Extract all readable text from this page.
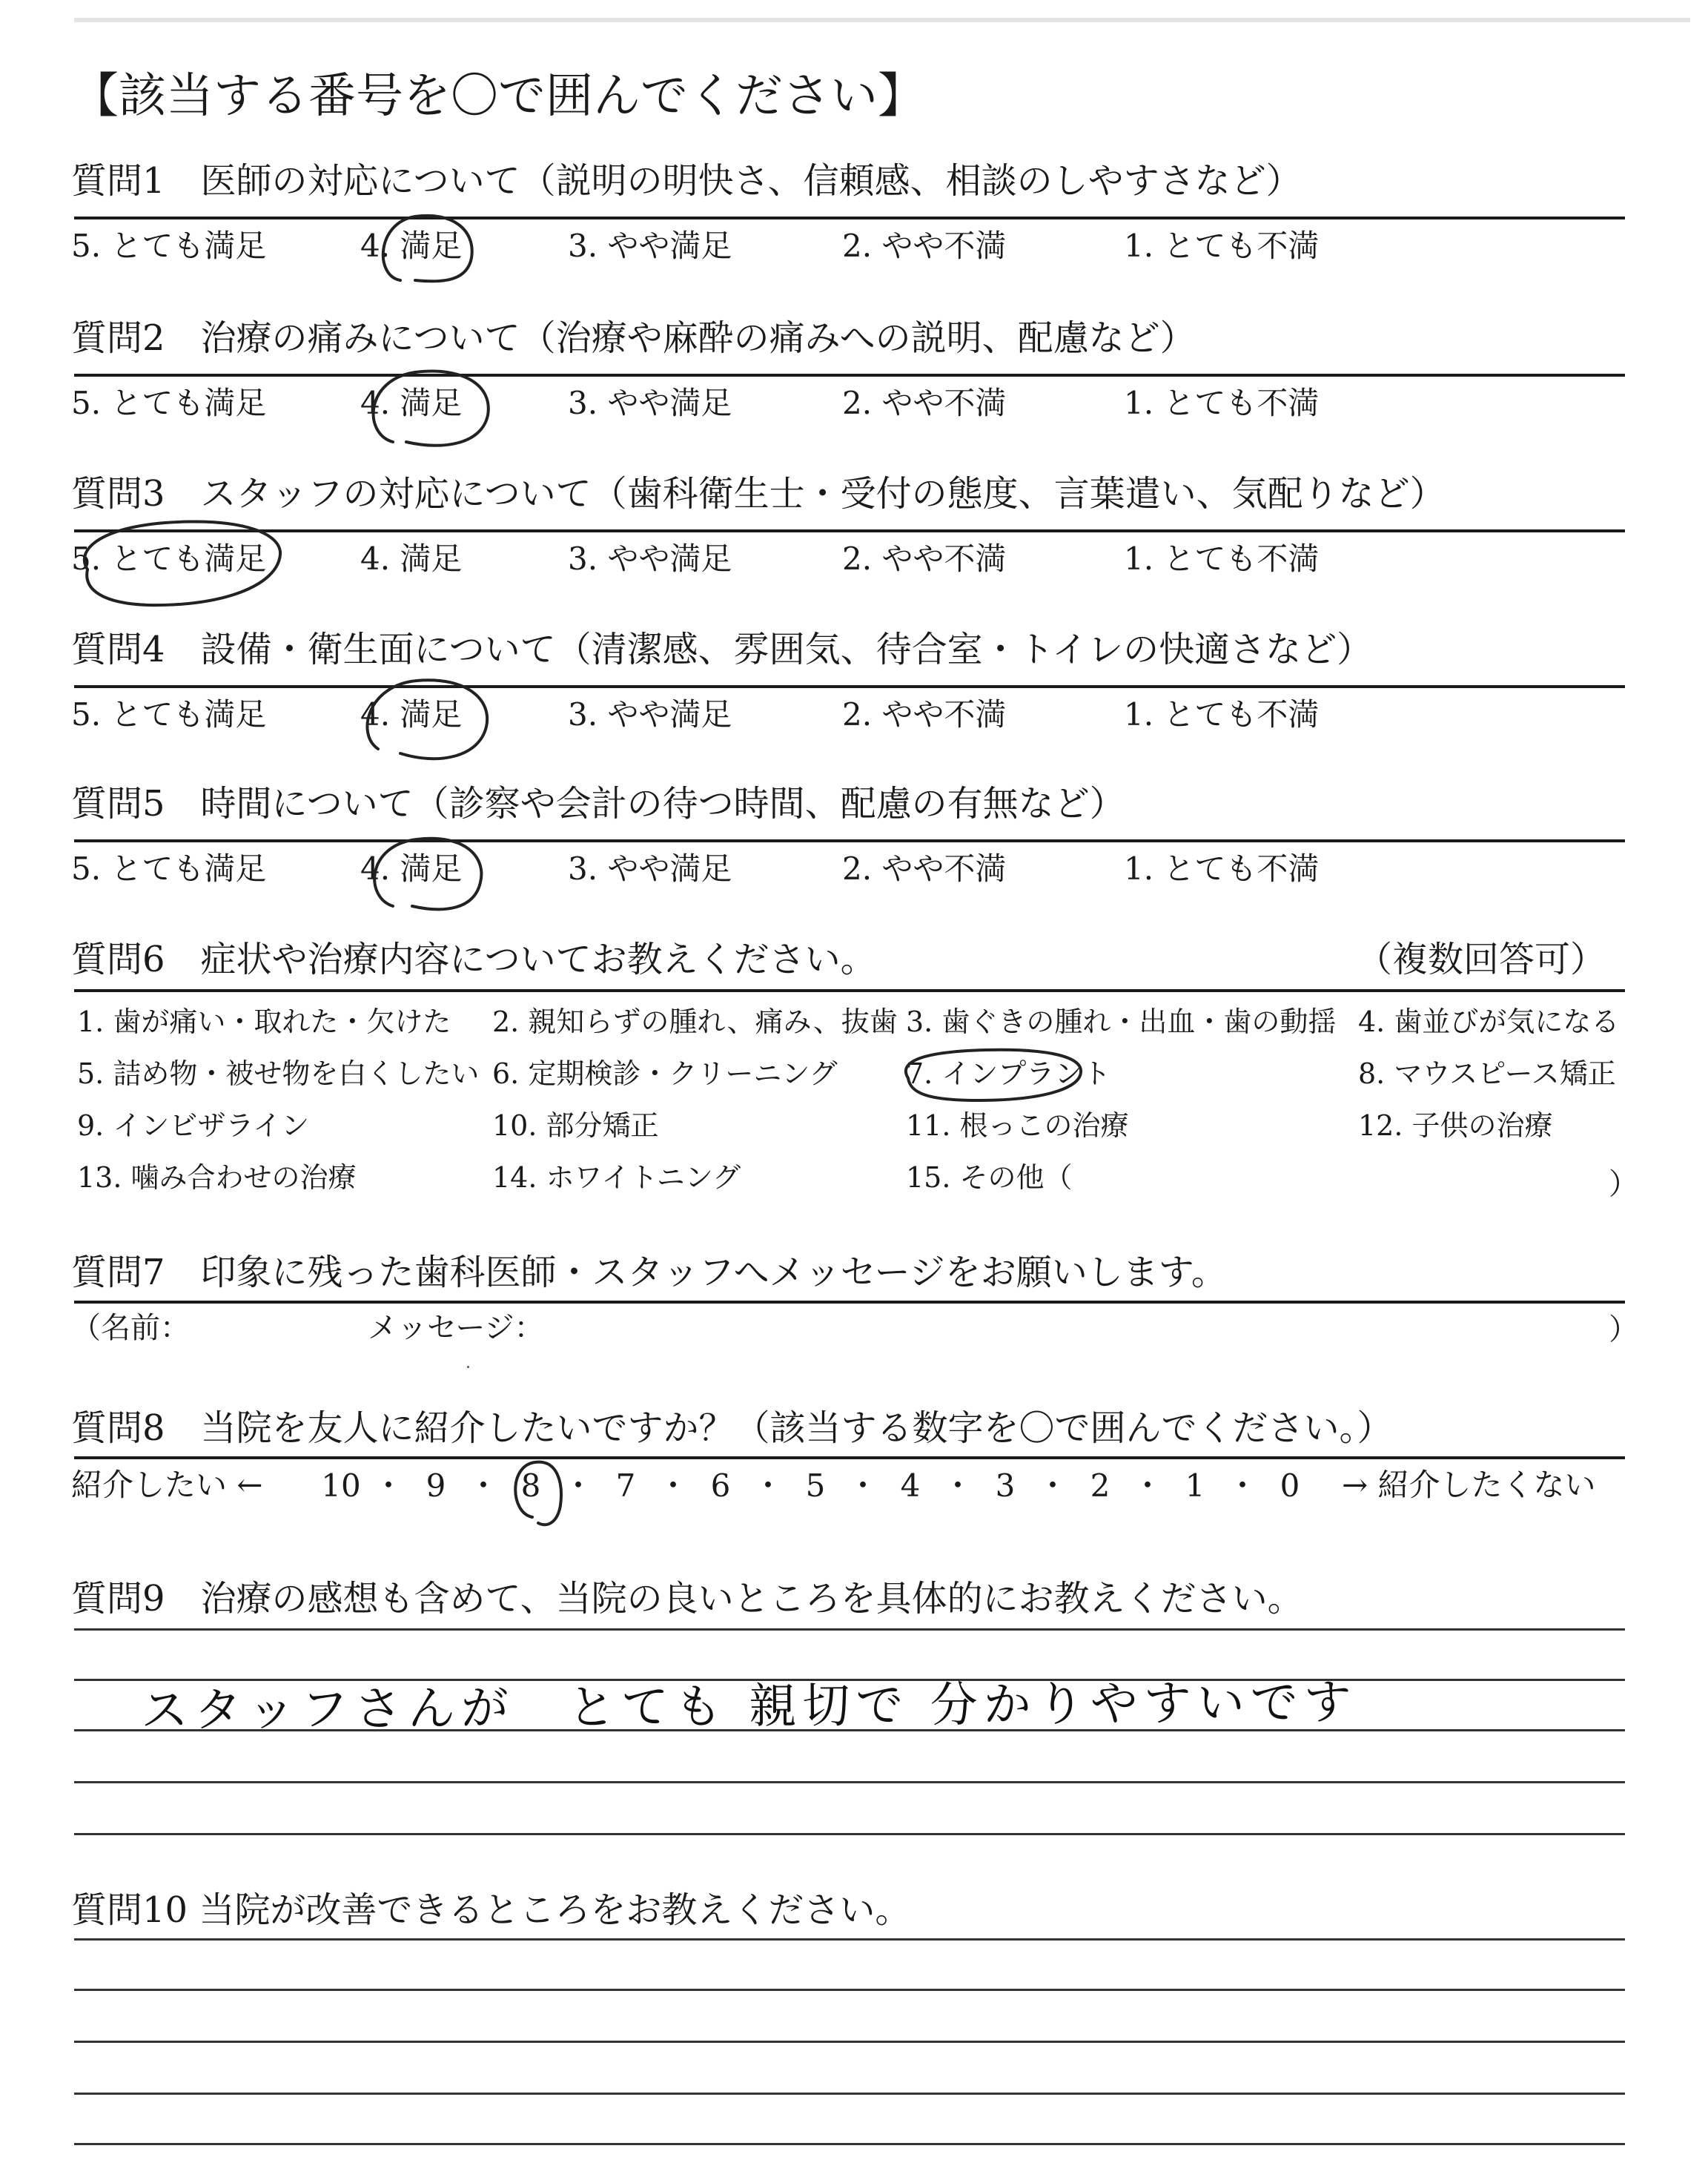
【該当する番号を〇で囲んでください】
質問1　医師の対応について（説明の明快さ、信頼感、相談のしやすさなど）
5. とても満足	4. 満足	3. やや満足	2. やや不満	1. とても不満
質問2　治療の痛みについて（治療や麻酔の痛みへの説明、配慮など）
5. とても満足	4. 満足	3. やや満足	2. やや不満	1. とても不満
質問3　スタッフの対応について（歯科衛生士・受付の態度、言葉遣い、気配りなど）
5. とても満足	4. 満足	3. やや満足	2. やや不満	1. とても不満
質問4　設備・衛生面について（清潔感、雰囲気、待合室・トイレの快適さなど）
5. とても満足	4. 満足	3. やや満足	2. やや不満	1. とても不満
質問5　時間について（診察や会計の待つ時間、配慮の有無など）
5. とても満足	4. 満足	3. やや満足	2. やや不満	1. とても不満
質問6　症状や治療内容についてお教えください。	（複数回答可）
1. 歯が痛い・取れた・欠けた 2. 親知らずの腫れ、痛み、抜歯 3. 歯ぐきの腫れ・出血・歯の動揺 4. 歯並びが気になる
5. 詰め物・被せ物を白くしたい 6. 定期検診・クリーニング 7. インプラント	8. マウスピース矯正
9. インビザライン	10. 部分矯正	11. 根っこの治療	12. 子供の治療
13. 噛み合わせの治療	14. ホワイトニング	15. その他（	）
質問7　印象に残った歯科医師・スタッフへメッセージをお願いします。
（名前：	メッセージ：	）
質問8　当院を友人に紹介したいですか？（該当する数字を〇で囲んでください。）
紹介したい ← 10 ・ 9 ・ 8 ・ 7 ・ 6 ・ 5 ・ 4 ・ 3 ・ 2 ・ 1 ・ 0 → 紹介したくない
質問9　治療の感想も含めて、当院の良いところを具体的にお教えください。
スタッフさんが　とても 親切で 分かりやすいです
質問10 当院が改善できるところをお教えください。
